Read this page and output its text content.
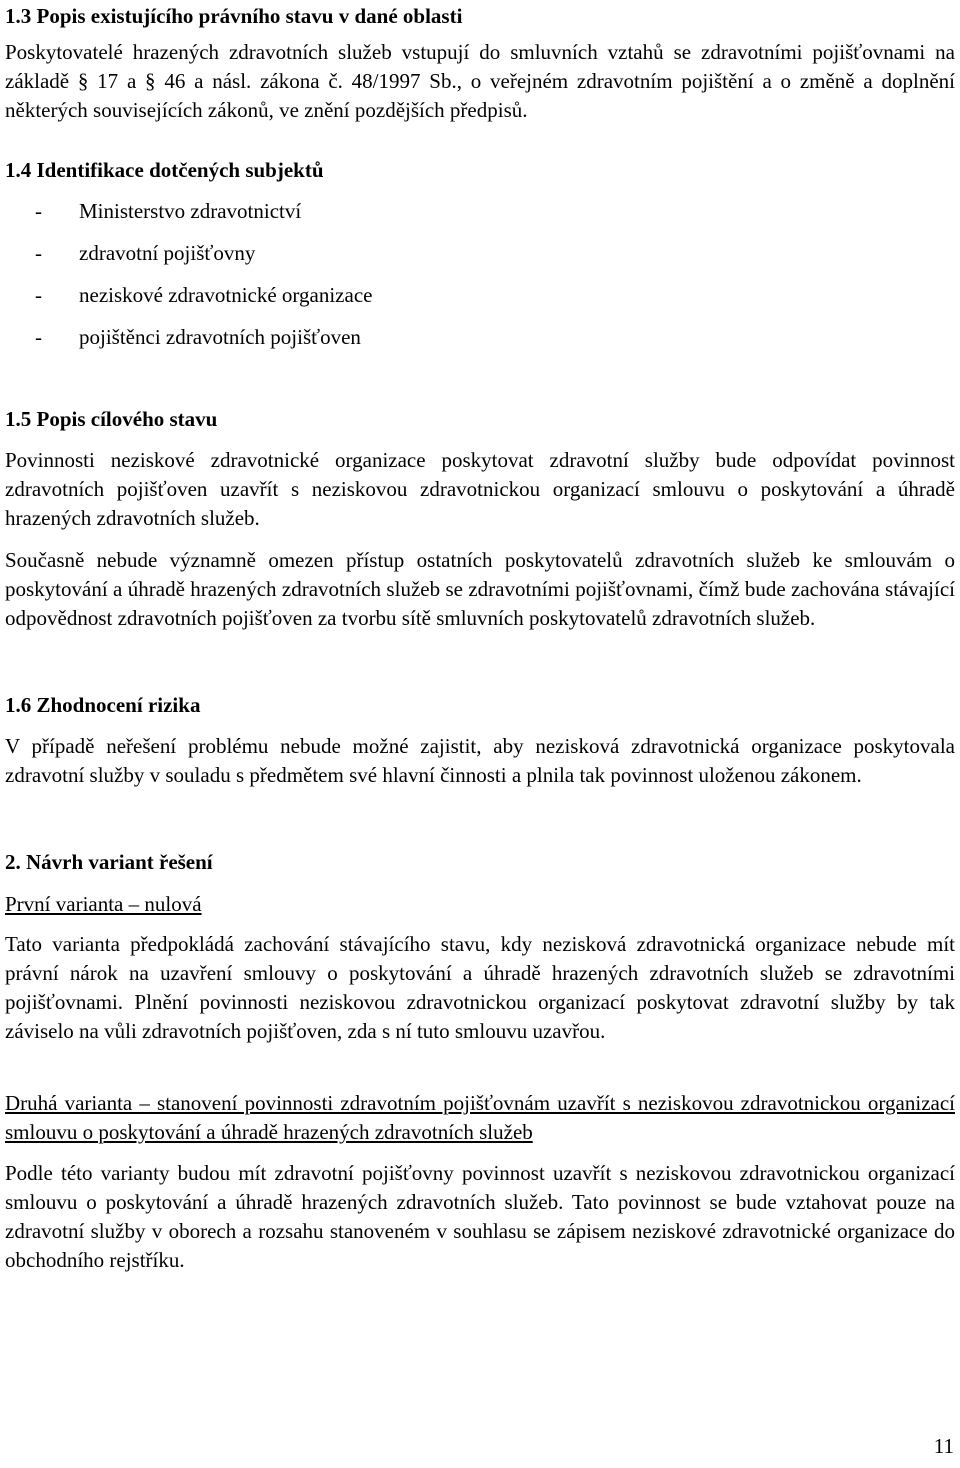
1.3 Popis existujícího právního stavu v dané oblasti

Poskytovatelé hrazených zdravotních služeb vstupují do smluvních vztahů se zdravotními pojišťovnami na základě § 17 a § 46 a násl. zákona č. 48/1997 Sb., o veřejném zdravotním pojištění a o změně a doplnění některých souvisejících zákonů, ve znění pozdějších předpisů.

1.4 Identifikace dotčených subjektů
- Ministerstvo zdravotnictví
- zdravotní pojišťovny
- neziskové zdravotnické organizace
- pojištěnci zdravotních pojišťoven
1.5 Popis cílového stavu

Povinnosti neziskové zdravotnické organizace poskytovat zdravotní služby bude odpovídat povinnost zdravotních pojišťoven uzavřít s neziskovou zdravotnickou organizací smlouvu o poskytování a úhradě hrazených zdravotních služeb.

Současně nebude významně omezen přístup ostatních poskytovatelů zdravotních služeb ke smlouvám o poskytování a úhradě hrazených zdravotních služeb se zdravotními pojišťovnami, čímž bude zachována stávající odpovědnost zdravotních pojišťoven za tvorbu sítě smluvních poskytovatelů zdravotních služeb.

1.6 Zhodnocení rizika

V případě neřešení problému nebude možné zajistit, aby nezisková zdravotnická organizace poskytovala zdravotní služby v souladu s předmětem své hlavní činnosti a plnila tak povinnost uloženou zákonem.

2. Návrh variant řešení

První varianta – nulová

Tato varianta předpokládá zachování stávajícího stavu, kdy nezisková zdravotnická organizace nebude mít právní nárok na uzavření smlouvy o poskytování a úhradě hrazených zdravotních služeb se zdravotními pojišťovnami. Plnění povinnosti neziskovou zdravotnickou organizací poskytovat zdravotní služby by tak záviselo na vůli zdravotních pojišťoven, zda s ní tuto smlouvu uzavřou.

Druhá varianta – stanovení povinnosti zdravotním pojišťovnám uzavřít s neziskovou zdravotnickou organizací smlouvu o poskytování a úhradě hrazených zdravotních služeb

Podle této varianty budou mít zdravotní pojišťovny povinnost uzavřít s neziskovou zdravotnickou organizací smlouvu o poskytování a úhradě hrazených zdravotních služeb. Tato povinnost se bude vztahovat pouze na zdravotní služby v oborech a rozsahu stanoveném v souhlasu se zápisem neziskové zdravotnické organizace do obchodního rejstříku.

11
